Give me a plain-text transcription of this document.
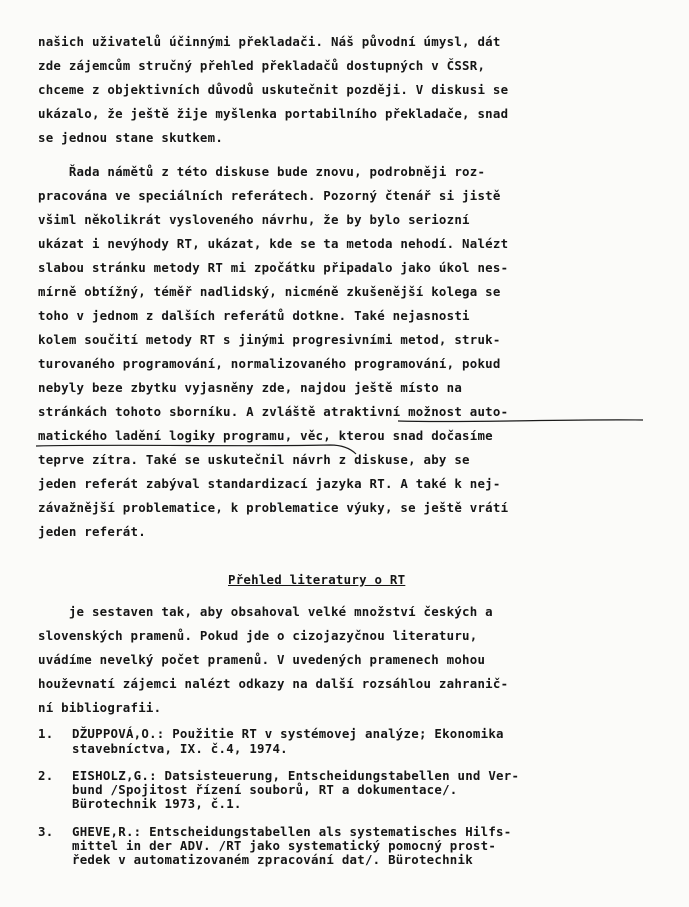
našich uživatelů účinnými překladači. Náš původní úmysl, dát
zde zájemcům stručný přehled překladačů dostupných v ČSSR,
chceme z objektivních důvodů uskutečnit později. V diskusi se
ukázalo, že ještě žije myšlenka portabilního překladače, snad
se jednou stane skutkem.
Řada námětů z této diskuse bude znovu, podrobněji roz-
pracována ve speciálních referátech. Pozorný čtenář si jistě
všiml několikrát vysloveného návrhu, že by bylo seriozní
ukázat i nevýhody RT, ukázat, kde se ta metoda nehodí. Nalézt
slabou stránku metody RT mi zpočátku připadalo jako úkol nes-
mírně obtížný, téměř nadlidský, nicméně zkušenější kolega se
toho v jednom z dalších referátů dotkne. Také nejasnosti
kolem součití metody RT s jinými progresivními metod, struk-
turovaného programování, normalizovaného programování, pokud
nebyly beze zbytku vyjasněny zde, najdou ještě místo na
stránkách tohoto sborníku. A zvláště atraktivní možnost auto-
matického ladění logiky programu, věc, kterou snad dočasíme
teprve zítra. Také se uskutečnil návrh z diskuse, aby se
jeden referát zabýval standardizací jazyka RT. A také k nej-
závažnější problematice, k problematice výuky, se ještě vrátí
jeden referát.
Přehled literatury o RT
je sestaven tak, aby obsahoval velké množství českých a
slovenských pramenů. Pokud jde o cizojazyčnou literaturu,
uvádíme nevelký počet pramenů. V uvedených pramenech mohou
houževnatí zájemci nalézt odkazy na další rozsáhlou zahranič-
ní bibliografii.
1. DŽUPPOVÁ,O.: Použitie RT v systémovej analýze; Ekonomika
stavebníctva, IX. č.4, 1974.
2. EISHOLZ,G.: Datsisteuerung, Entscheidungstabellen und Ver-
bund /Spojitost řízení souborů, RT a dokumentace/.
Bürotechnik 1973, č.1.
3. GHEVE,R.: Entscheidungstabellen als systematisches Hilfs-
mittel in der ADV. /RT jako systematický pomocný prost-
ředek v automatizovaném zpracování dat/. Bürotechnik
